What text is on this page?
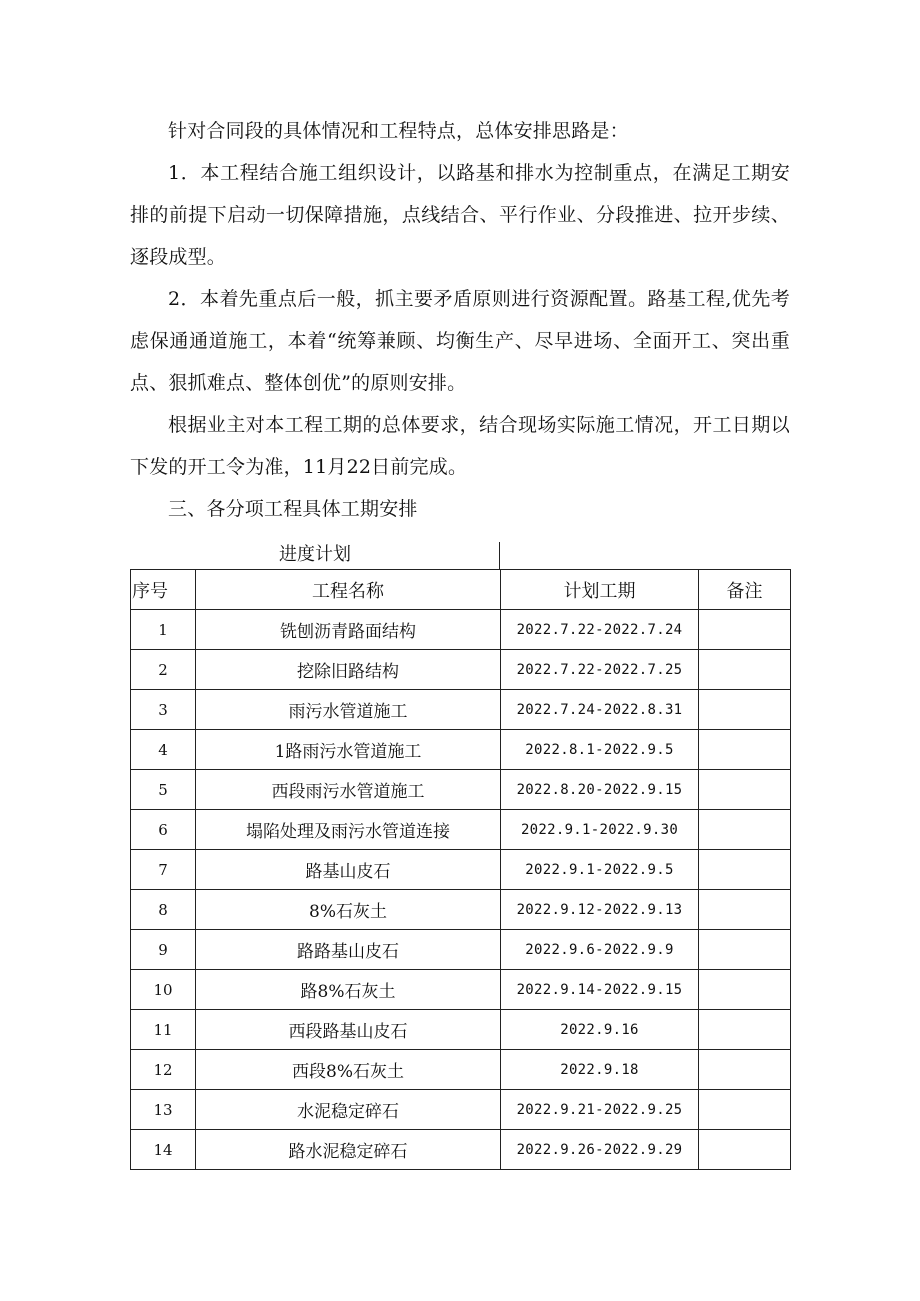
针对合同段的具体情况和工程特点，总体安排思路是：

1．本工程结合施工组织设计，以路基和排水为控制重点，在满足工期安排的前提下启动一切保障措施，点线结合、平行作业、分段推进、拉开步续、逐段成型。

2．本着先重点后一般，抓主要矛盾原则进行资源配置。路基工程,优先考虑保通通道施工，本着“统筹兼顾、均衡生产、尽早进场、全面开工、突出重点、狠抓难点、整体创优”的原则安排。

根据业主对本工程工期的总体要求，结合现场实际施工情况，开工日期以下发的开工令为准，11月22日前完成。

三、各分项工程具体工期安排

进度计划
序号	工程名称	计划工期	备注
1	铣刨沥青路面结构	2022.7.22-2022.7.24	
2	挖除旧路结构	2022.7.22-2022.7.25	
3	雨污水管道施工	2022.7.24-2022.8.31	
4	1路雨污水管道施工	2022.8.1-2022.9.5	
5	西段雨污水管道施工	2022.8.20-2022.9.15	
6	塌陷处理及雨污水管道连接	2022.9.1-2022.9.30	
7	路基山皮石	2022.9.1-2022.9.5	
8	8%石灰土	2022.9.12-2022.9.13	
9	路路基山皮石	2022.9.6-2022.9.9	
10	路8%石灰土	2022.9.14-2022.9.15	
11	西段路基山皮石	2022.9.16	
12	西段8%石灰土	2022.9.18	
13	水泥稳定碎石	2022.9.21-2022.9.25	
14	路水泥稳定碎石	2022.9.26-2022.9.29	
